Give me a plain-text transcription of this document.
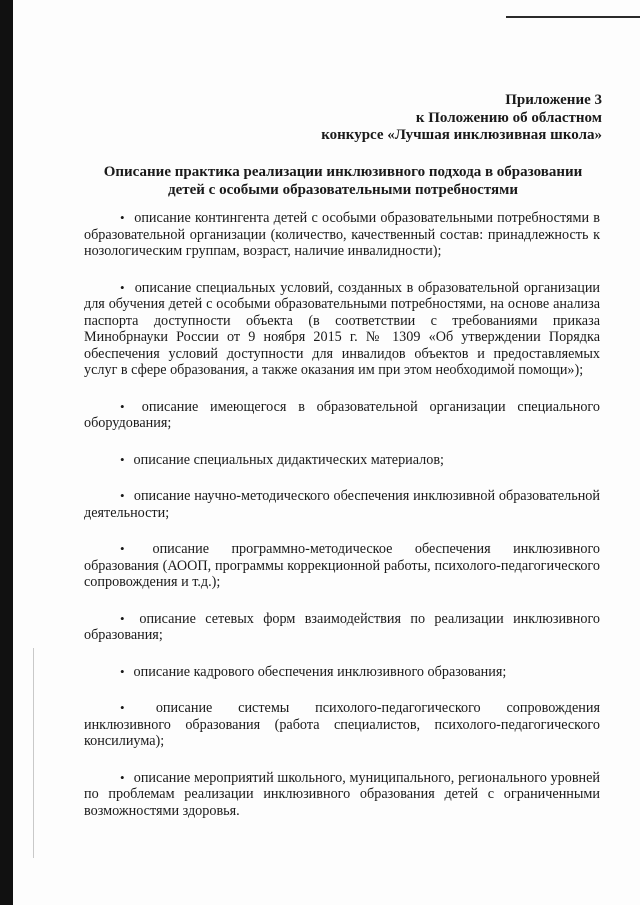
Приложение 3
к Положению об областном
конкурсе «Лучшая инклюзивная школа»
Описание практика реализации инклюзивного подхода в образовании
детей с особыми образовательными потребностями
• описание контингента детей с особыми образовательными потребностями в образовательной организации (количество, качественный состав: принадлежность к нозологическим группам, возраст, наличие инвалидности);
• описание специальных условий, созданных в образовательной организации для обучения детей с особыми образовательными потребностями, на основе анализа паспорта доступности объекта (в соответствии с требованиями приказа Минобрнауки России от 9 ноября 2015 г. № 1309 «Об утверждении Порядка обеспечения условий доступности для инвалидов объектов и предоставляемых услуг в сфере образования, а также оказания им при этом необходимой помощи»);
• описание имеющегося в образовательной организации специального оборудования;
• описание специальных дидактических материалов;
• описание научно-методического обеспечения инклюзивной образовательной деятельности;
• описание программно-методическое обеспечения инклюзивного образования (АООП, программы коррекционной работы, психолого-педагогического сопровождения и т.д.);
• описание сетевых форм взаимодействия по реализации инклюзивного образования;
• описание кадрового обеспечения инклюзивного образования;
• описание системы психолого-педагогического сопровождения инклюзивного образования (работа специалистов, психолого-педагогического консилиума);
• описание мероприятий школьного, муниципального, регионального уровней по проблемам реализации инклюзивного образования детей с ограниченными возможностями здоровья.
